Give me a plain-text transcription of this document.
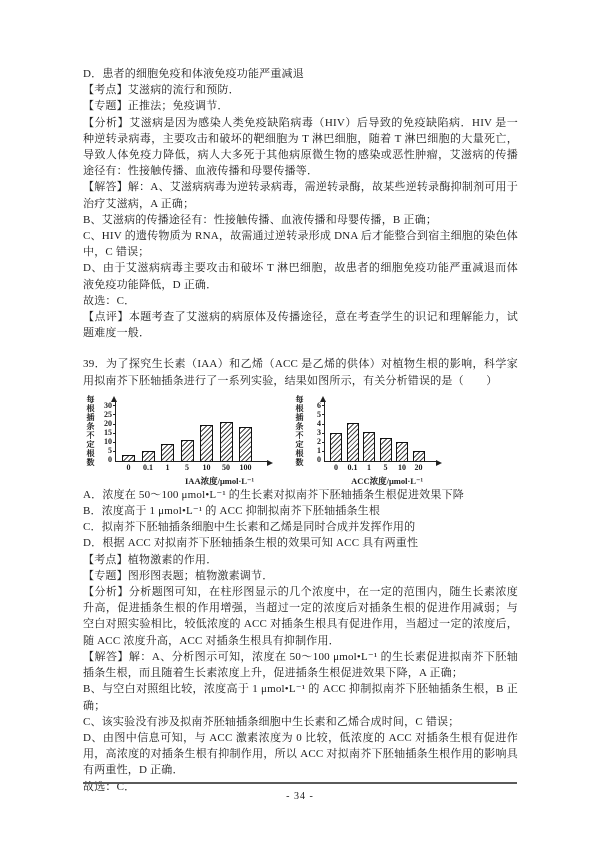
D．患者的细胞免疫和体液免疫功能严重减退

【考点】艾滋病的流行和预防．

【专题】正推法；免疫调节．

【分析】艾滋病是因为感染人类免疫缺陷病毒（HIV）后导致的免疫缺陷病．HIV 是一种逆转录病毒，主要攻击和破坏的靶细胞为 T 淋巴细胞，随着 T 淋巴细胞的大量死亡，导致人体免疫力降低，病人大多死于其他病原微生物的感染或恶性肿瘤，艾滋病的传播途径有：性接触传播、血液传播和母婴传播等．

【解答】解：A、艾滋病病毒为逆转录病毒，需逆转录酶，故某些逆转录酶抑制剂可用于治疗艾滋病，A 正确；

B、艾滋病的传播途径有：性接触传播、血液传播和母婴传播，B 正确；

C、HIV 的遗传物质为 RNA，故需通过逆转录形成 DNA 后才能整合到宿主细胞的染色体中，C 错误；

D、由于艾滋病病毒主要攻击和破坏 T 淋巴细胞，故患者的细胞免疫功能严重减退而体液免疫功能降低，D 正确．

故选：C．

【点评】本题考查了艾滋病的病原体及传播途径，意在考查学生的识记和理解能力，试题难度一般．

39．为了探究生长素（IAA）和乙烯（ACC 是乙烯的供体）对植物生根的影响，科学家用拟南芥下胚轴插条进行了一系列实验，结果如图所示，有关分析错误的是（　　）

每根插条不定根数	0
5
10
15
20
25
30
0	0.1	1	5	10	50	100
IAA浓度/μmol·L⁻¹
每根插条不定根数	0
1
2
3
4
5
6
0	0.1	1	5	10	20
ACC浓度/μmol·L⁻¹

A．浓度在 50～100 μmol•L⁻¹ 的生长素对拟南芥下胚轴插条生根促进效果下降

B．浓度高于 1 μmol•L⁻¹ 的 ACC 抑制拟南芥下胚轴插条生根

C．拟南芥下胚轴插条细胞中生长素和乙烯是同时合成并发挥作用的

D．根据 ACC 对拟南芥下胚轴插条生根的效果可知 ACC 具有两重性

【考点】植物激素的作用．

【专题】图形图表题；植物激素调节．

【分析】分析题图可知，在柱形图显示的几个浓度中，在一定的范围内，随生长素浓度升高，促进插条生根的作用增强，当超过一定的浓度后对插条生根的促进作用减弱；与空白对照实验相比，较低浓度的 ACC 对插条生根具有促进作用，当超过一定的浓度后，随 ACC 浓度升高，ACC 对插条生根具有抑制作用．

【解答】解：A、分析图示可知，浓度在 50～100 μmol•L⁻¹ 的生长素促进拟南芥下胚轴插条生根，而且随着生长素浓度上升，促进插条生根促进效果下降，A 正确；

B、与空白对照组比较，浓度高于 1 μmol•L⁻¹ 的 ACC 抑制拟南芥下胚轴插条生根，B 正确；

C、该实验没有涉及拟南芥胚轴插条细胞中生长素和乙烯合成时间，C 错误；

D、由图中信息可知，与 ACC 激素浓度为 0 比较，低浓度的 ACC 对插条生根有促进作用，高浓度的对插条生根有抑制作用，所以 ACC 对拟南芥下胚轴插条生根作用的影响具有两重性，D 正确．

故选：C．

- 34 -
